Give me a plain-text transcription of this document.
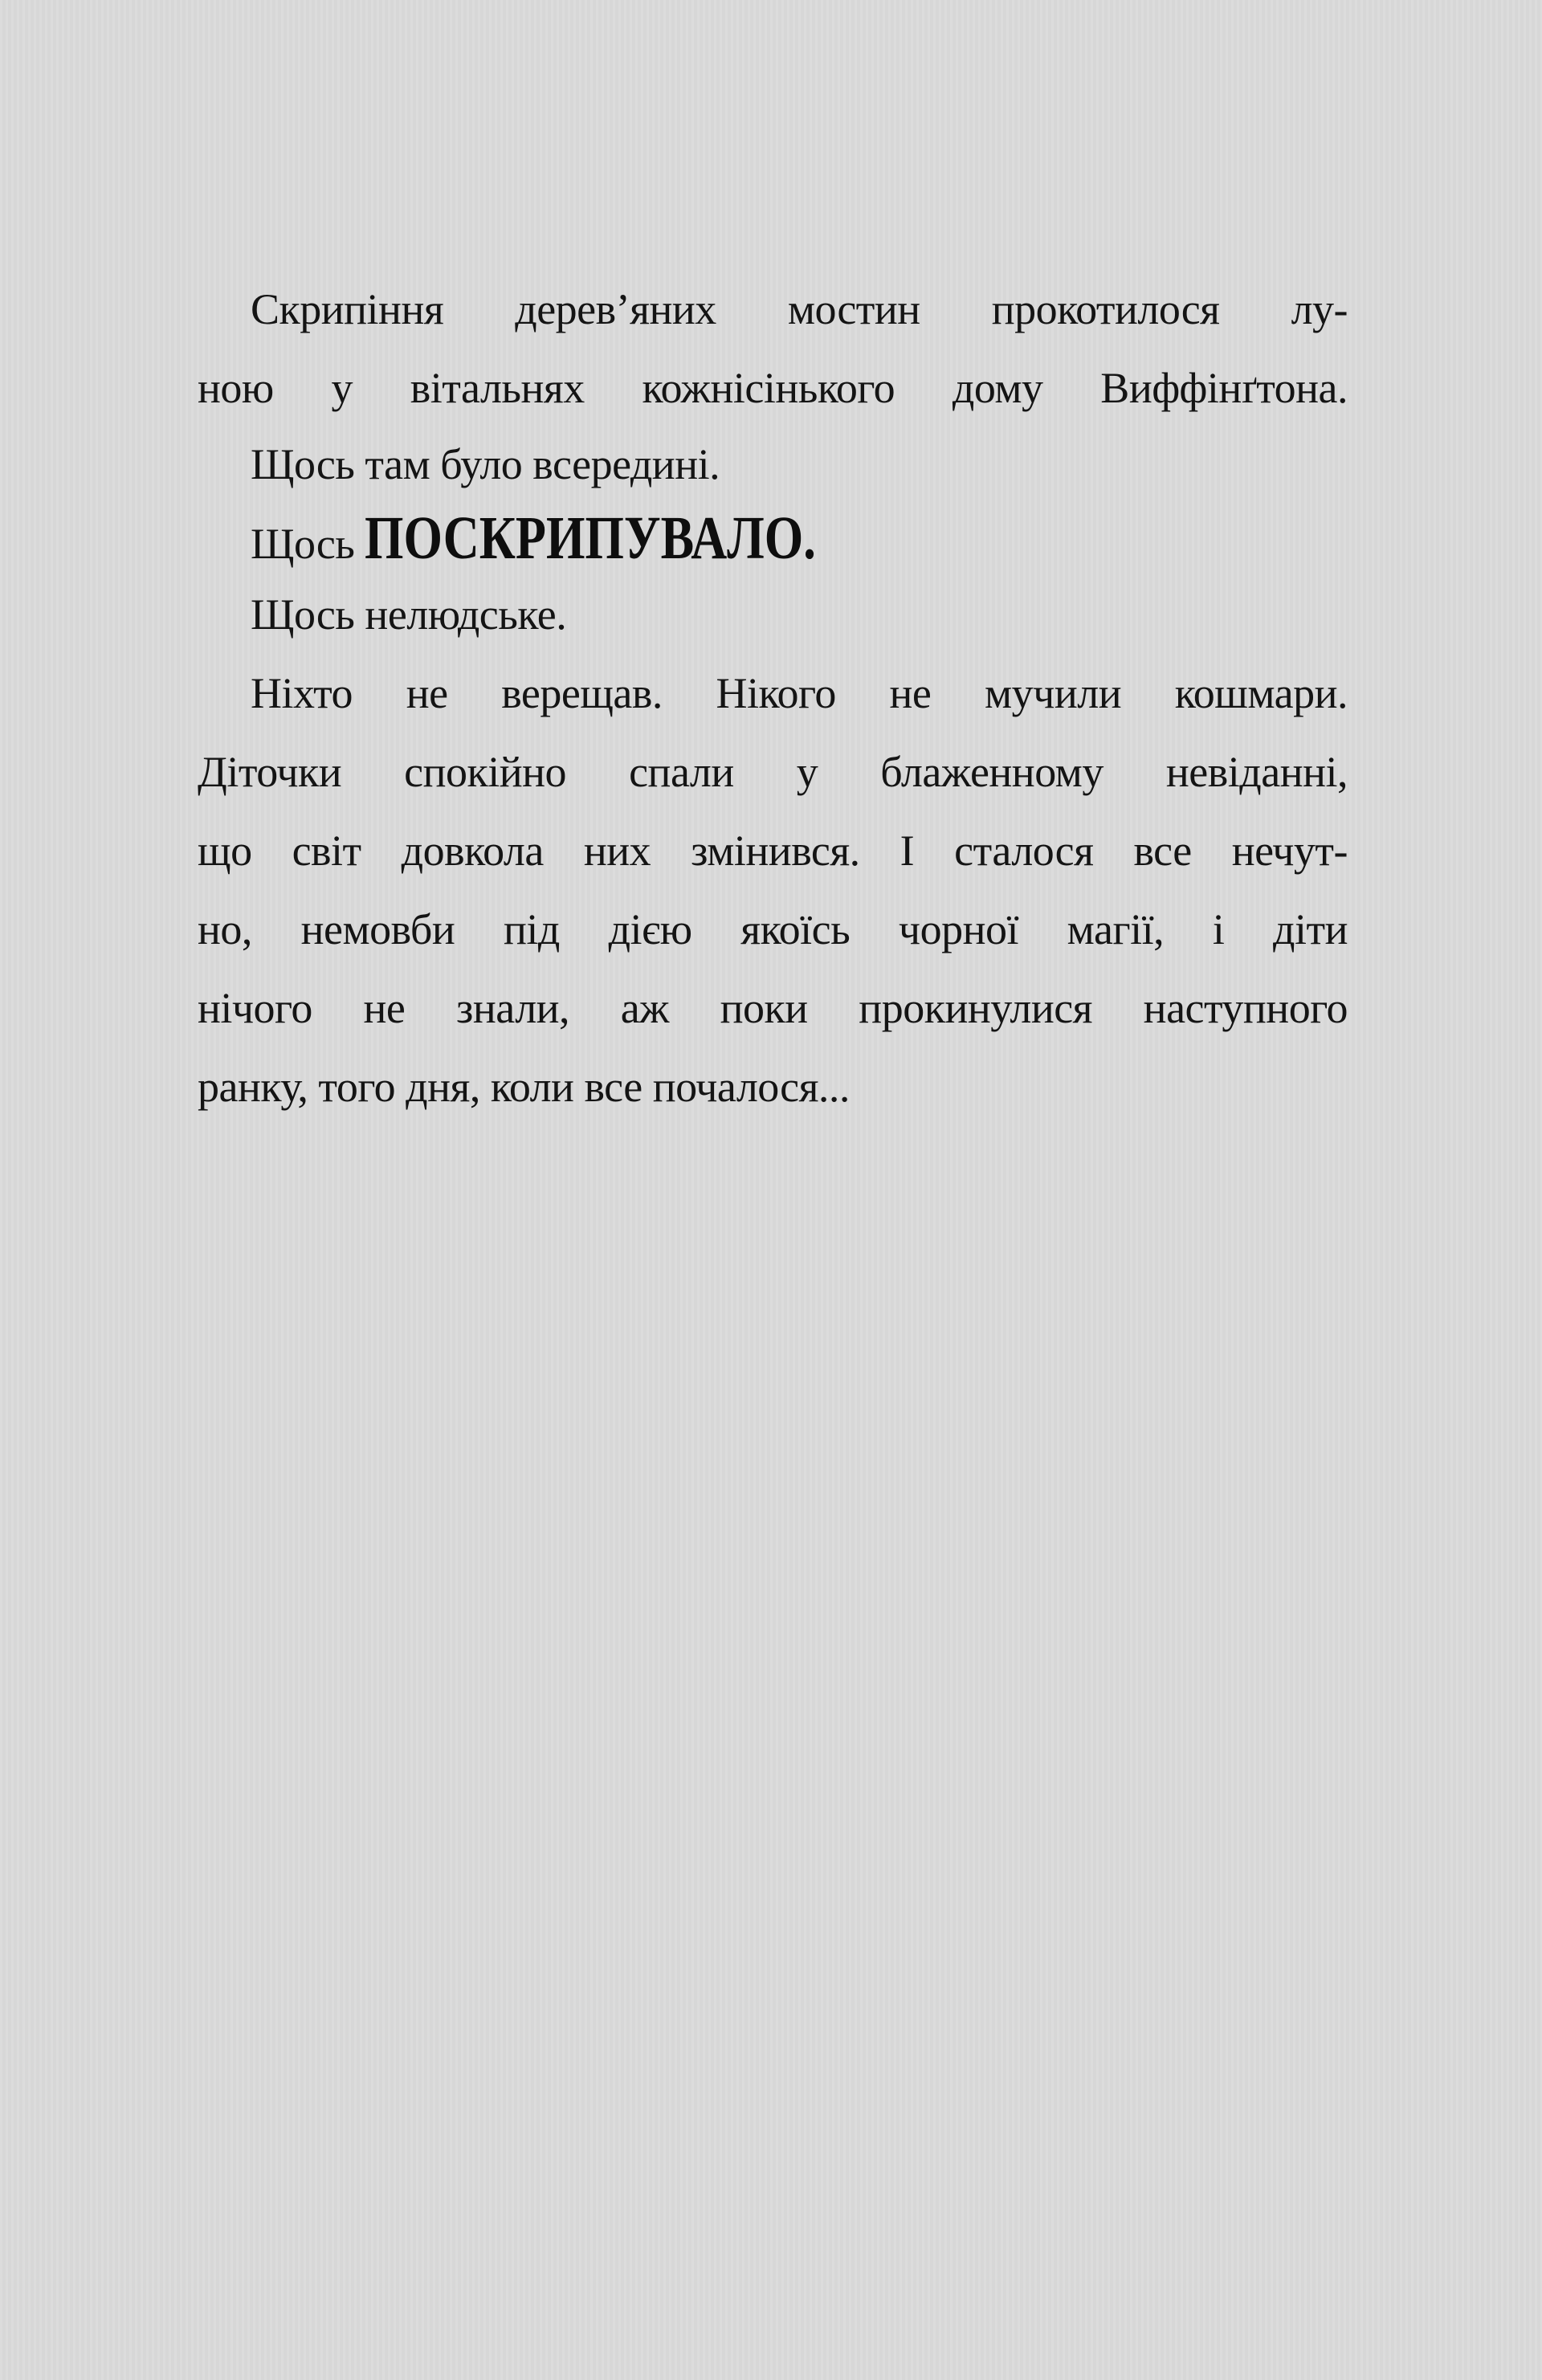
Скрипіння дерев’яних мостин прокотилося лу-
ною у вітальнях кожнісінького дому Виффінґтона.
Щось там було всередині.
Щось ПОСКРИПУВАЛО.
Щось нелюдське.
Ніхто не верещав. Нікого не мучили кошмари.
Діточки спокійно спали у блаженному невіданні,
що світ довкола них змінився. І сталося все нечут-
но, немовби під дією якоїсь чорної магії, і діти
нічого не знали, аж поки прокинулися наступного
ранку, того дня, коли все почалося...
